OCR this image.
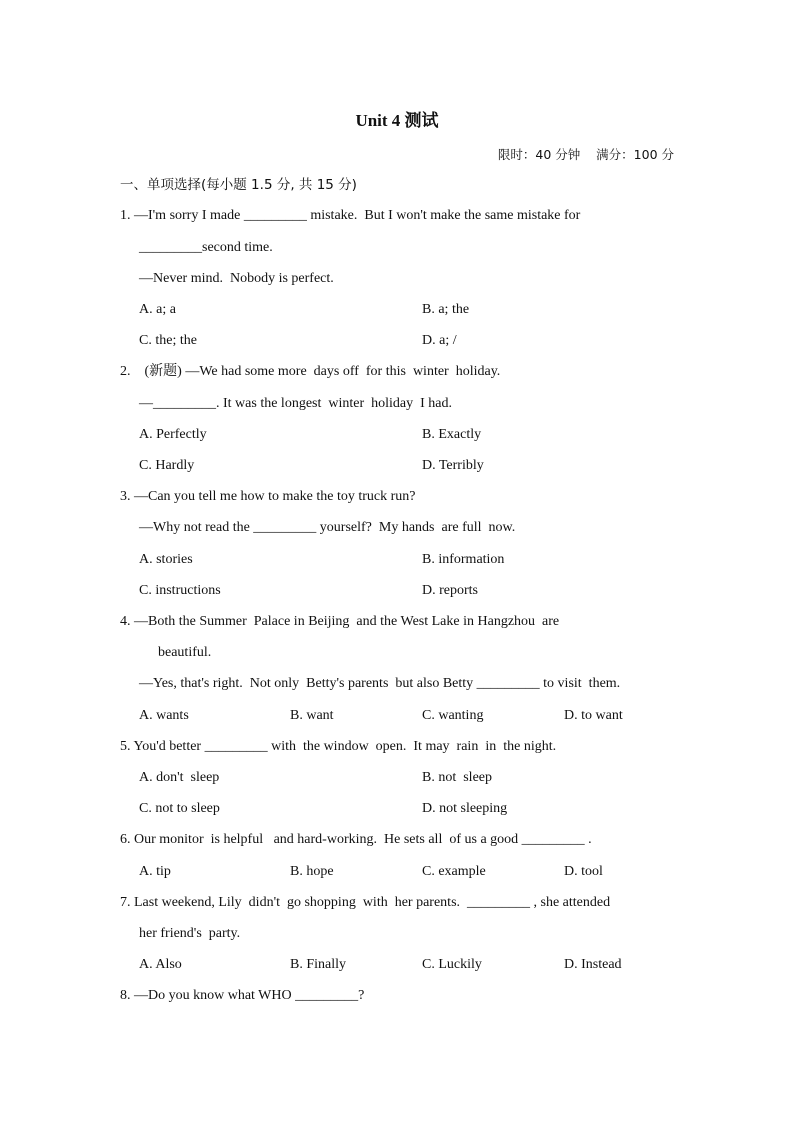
Unit 4 测试
限时：40 分钟    满分：100 分
一、单项选择(每小题 1.5 分, 共 15 分)
1. —I'm sorry I made _________ mistake.  But I won't make the same mistake for
_________second time.
—Never mind.  Nobody is perfect.
A. a; a	B. a; the
C. the; the	D. a; /
2.    (新题) —We had some more  days off  for this  winter  holiday.
—_________. It was the longest  winter  holiday  I had.
A. Perfectly	B. Exactly
C. Hardly	D. Terribly
3. —Can you tell me how to make the toy truck run?
—Why not read the _________ yourself?  My hands  are full  now.
A. stories	B. information
C. instructions	D. reports
4. —Both the Summer  Palace in Beijing  and the West Lake in Hangzhou  are
beautiful.
—Yes, that's right.  Not only  Betty's parents  but also Betty _________ to visit  them.
A. wants	B. want	C. wanting	D. to want
5. You'd better _________ with  the window  open.  It may  rain  in  the night.
A. don't  sleep	B. not  sleep
C. not to sleep	D. not sleeping
6. Our monitor  is helpful   and hard-working.  He sets all  of us a good _________ .
A. tip	B. hope	C. example	D. tool
7. Last weekend, Lily  didn't  go shopping  with  her parents.  _________ , she attended
her friend's  party.
A. Also	B. Finally	C. Luckily	D. Instead
8. —Do you know what WHO _________?
